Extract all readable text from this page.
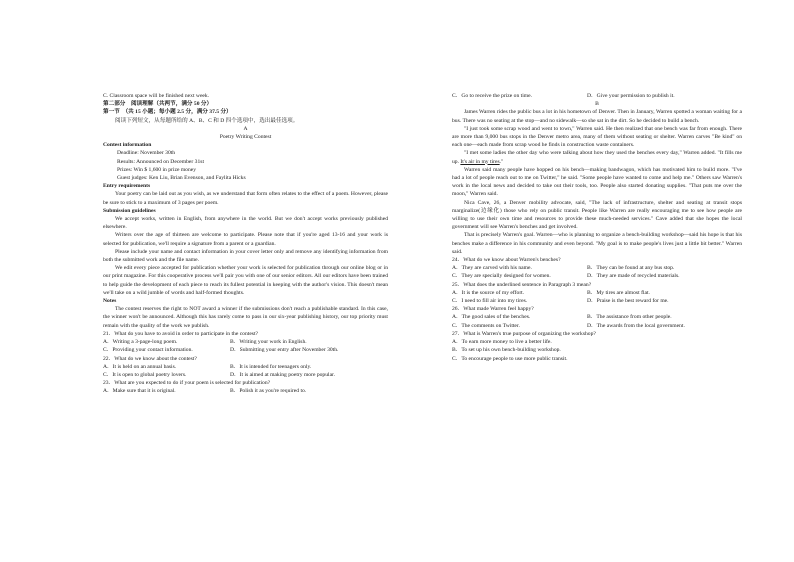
C. Classroom space will be finished next week.
第二部分　阅读理解（共两节，满分 50 分）
第一节　（共 15 小题；每小题 2.5 分，满分 37.5 分）
阅读下列短文，从每题所给的 A、B、C 和 D 四个选项中，选出最佳选项。
A
Poetry Writing Contest
Contest information
Deadline: November 30th
Results: Announced on December 31st
Prizes: Win $ 1,600 in prize money
Guest judges: Ken Liu, Brian Evenson, and Faylita Hicks
Entry requirements
Your poetry can be laid out as you wish, as we understand that form often relates to the effect of a poem. However, please be sure to stick to a maximum of 3 pages per poem.
Submission guidelines
We accept works, written in English, from anywhere in the world. But we don't accept works previously published elsewhere.
Writers over the age of thirteen are welcome to participate. Please note that if you're aged 13-16 and your work is selected for publication, we'll require a signature from a parent or a guardian.
Please include your name and contact information in your cover letter only and remove any identifying information from both the submitted work and the file name.
We edit every piece accepted for publication whether your work is selected for publication through our online blog or in our print magazine. For this cooperative process we'll pair you with one of our senior editors. All our editors have been trained to help guide the development of each piece to reach its fullest potential in keeping with the author's vision. This doesn't mean we'll take on a wild jumble of words and half-formed thoughts.
Notes
The contest reserves the right to NOT award a winner if the submissions don't reach a publishable standard. In this case, the winner won't be announced. Although this has rarely come to pass in our six-year publishing history, our top priority must remain with the quality of the work we publish.
21．What do you have to avoid in order to participate in the contest?
A．Writing a 3-page-long poem.	B．Writing your work in English.
C．Providing your contact information.	D．Submitting your entry after November 30th.
22．What do we know about the contest?
A．It is held on an annual basis.	B．It is intended for teenagers only.
C．It is open to global poetry lovers.	D．It is aimed at making poetry more popular.
23．What are you expected to do if your poem is selected for publication?
A．Make sure that it is original.	B．Polish it as you're required to.
C．Go to receive the prize on time.	D．Give your permission to publish it.
B
James Warren rides the public bus a lot in his hometown of Denver. Then in January, Warren spotted a woman waiting for a bus. There was no seating at the stop—and no sidewalk—so she sat in the dirt. So he decided to build a bench.
"I just took some scrap wood and went to town," Warren said. He then realized that one bench was far from enough. There are more than 9,000 bus stops in the Denver metro area, many of them without seating or shelter. Warren carves "Be kind" on each one—each made from scrap wood he finds in construction waste containers.
"I met some ladies the other day who were talking about how they used the benches every day," Warren added. "It fills me up. It's air in my tires."
Warren said many people have hopped on his bench—making bandwagon, which has motivated him to build more. "I've had a lot of people reach out to me on Twitter," he said. "Some people have wanted to come and help me." Others saw Warren's work in the local news and decided to take out their tools, too. People also started donating supplies. "That puts me over the moon," Warren said.
Nica Cave, 26, a Denver mobility advocate, said, "The lack of infrastructure, shelter and seating at transit stops marginalize(边缘化) those who rely on public transit. People like Warren are really encouraging me to see how people are willing to use their own time and resources to provide these much-needed services." Cave added that she hopes the local government will see Warren's benches and get involved.
That is precisely Warren's goal. Warren—who is planning to organize a bench-building workshop—said his hope is that his benches make a difference in his community and even beyond. "My goal is to make people's lives just a little bit better." Warren said.
24．What do we know about Warren's benches?
A．They are carved with his name.	B．They can be found at any bus stop.
C．They are specially designed for women.	D．They are made of recycled materials.
25．What does the underlined sentence in Paragraph 3 mean?
A．It is the source of my effort.	B．My tires are almost flat.
C．I need to fill air into my tires.	D．Praise is the best reward for me.
26．What made Warren feel happy?
A．The good sales of the benches.	B．The assistance from other people.
C．The comments on Twitter.	D．The awards from the local government.
27．What is Warren's true purpose of organizing the workshop?
A．To earn more money to live a better life.
B．To set up his own bench-building workshop.
C．To encourage people to use more public transit.
